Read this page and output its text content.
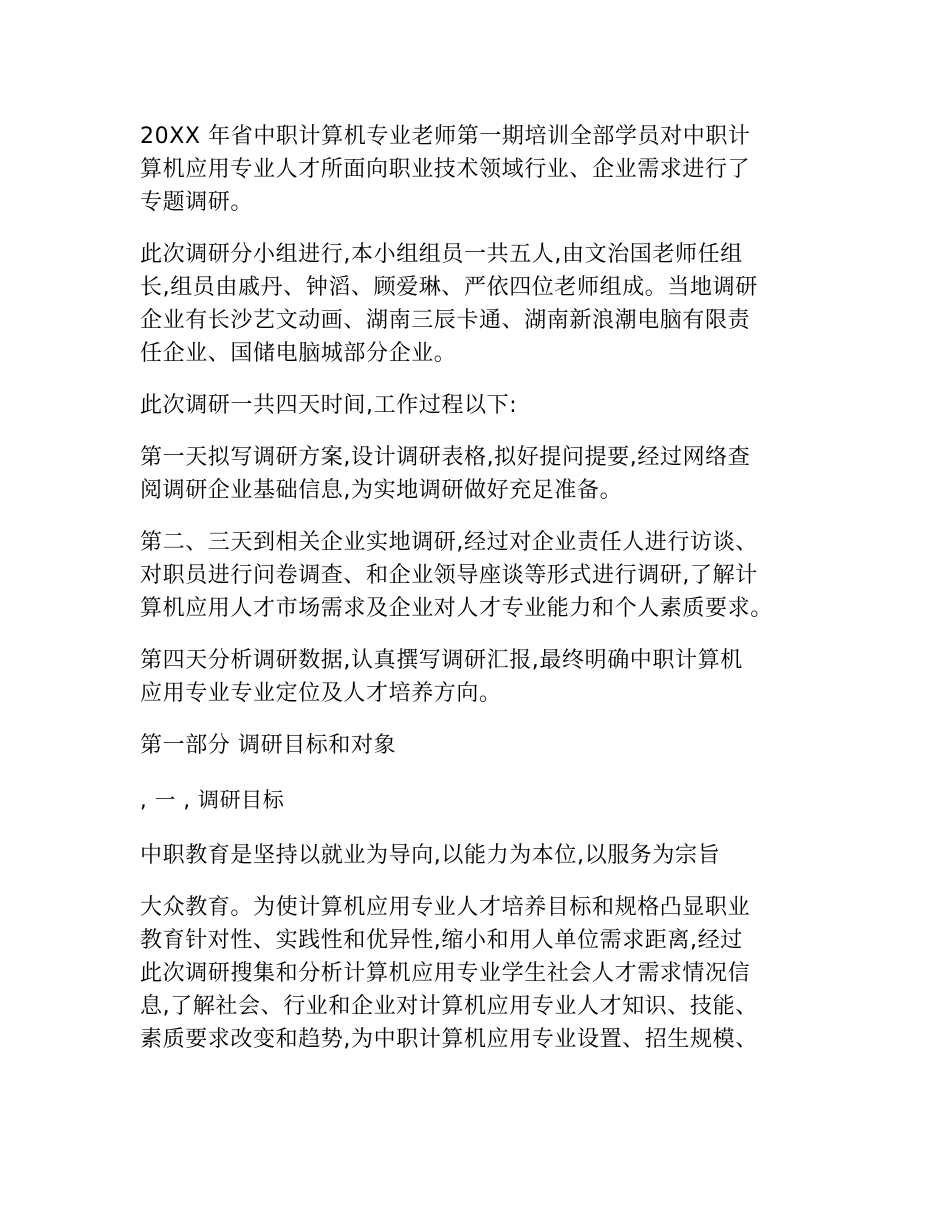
20XX 年省中职计算机专业老师第一期培训全部学员对中职计
算机应用专业人才所面向职业技术领域行业、企业需求进行了
专题调研。

此次调研分小组进行,本小组组员一共五人,由文治国老师任组
长,组员由戚丹、钟滔、顾爱琳、严依四位老师组成。当地调研
企业有长沙艺文动画、湖南三辰卡通、湖南新浪潮电脑有限责
任企业、国储电脑城部分企业。

此次调研一共四天时间,工作过程以下:

第一天拟写调研方案,设计调研表格,拟好提问提要,经过网络查
阅调研企业基础信息,为实地调研做好充足准备。

第二、三天到相关企业实地调研,经过对企业责任人进行访谈、
对职员进行问卷调查、和企业领导座谈等形式进行调研,了解计
算机应用人才市场需求及企业对人才专业能力和个人素质要求。

第四天分析调研数据,认真撰写调研汇报,最终明确中职计算机
应用专业专业定位及人才培养方向。

第一部分 调研目标和对象

, 一 , 调研目标

中职教育是坚持以就业为导向,以能力为本位,以服务为宗旨

大众教育。为使计算机应用专业人才培养目标和规格凸显职业
教育针对性、实践性和优异性,缩小和用人单位需求距离,经过
此次调研搜集和分析计算机应用专业学生社会人才需求情况信
息,了解社会、行业和企业对计算机应用专业人才知识、技能、
素质要求改变和趋势,为中职计算机应用专业设置、招生规模、
